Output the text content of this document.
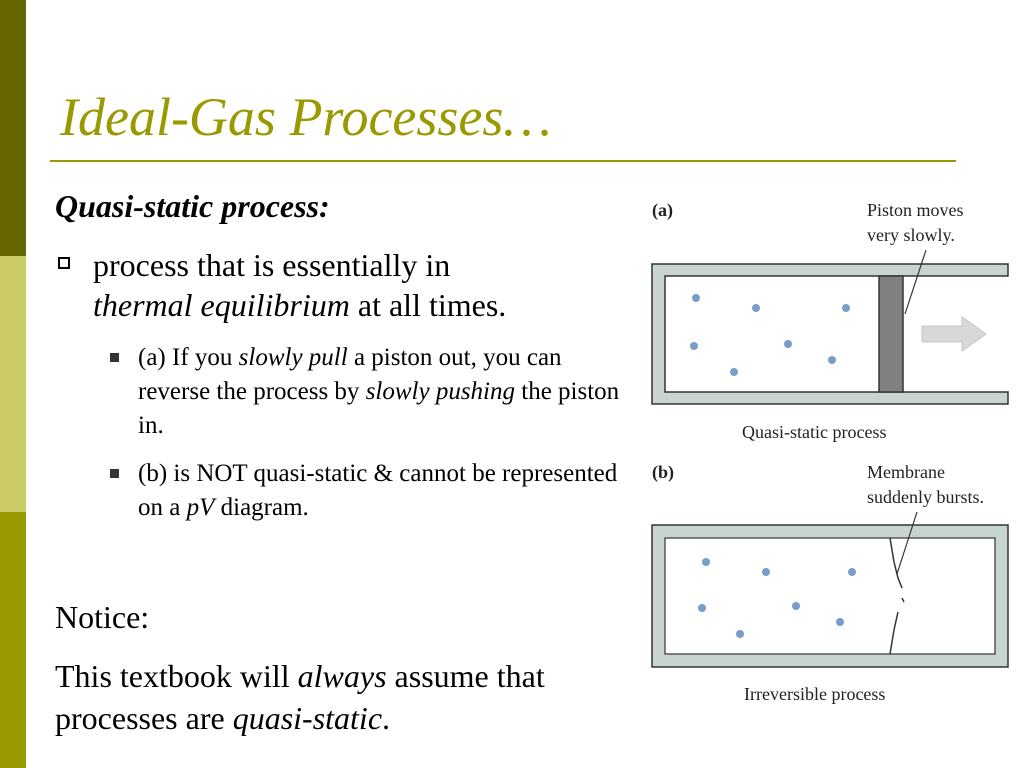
Ideal-Gas Processes…
Quasi-static process:
process that is essentially in
thermal equilibrium at all times.
(a) If you slowly pull a piston out, you can reverse the process by slowly pushing the piston in.
(b) is NOT quasi-static & cannot be represented on a pV diagram.
Notice:
This textbook will always assume that processes are quasi-static.
(a)	Piston moves
very slowly.
Quasi-static process
(b)	Membrane
suddenly bursts.
Irreversible process
